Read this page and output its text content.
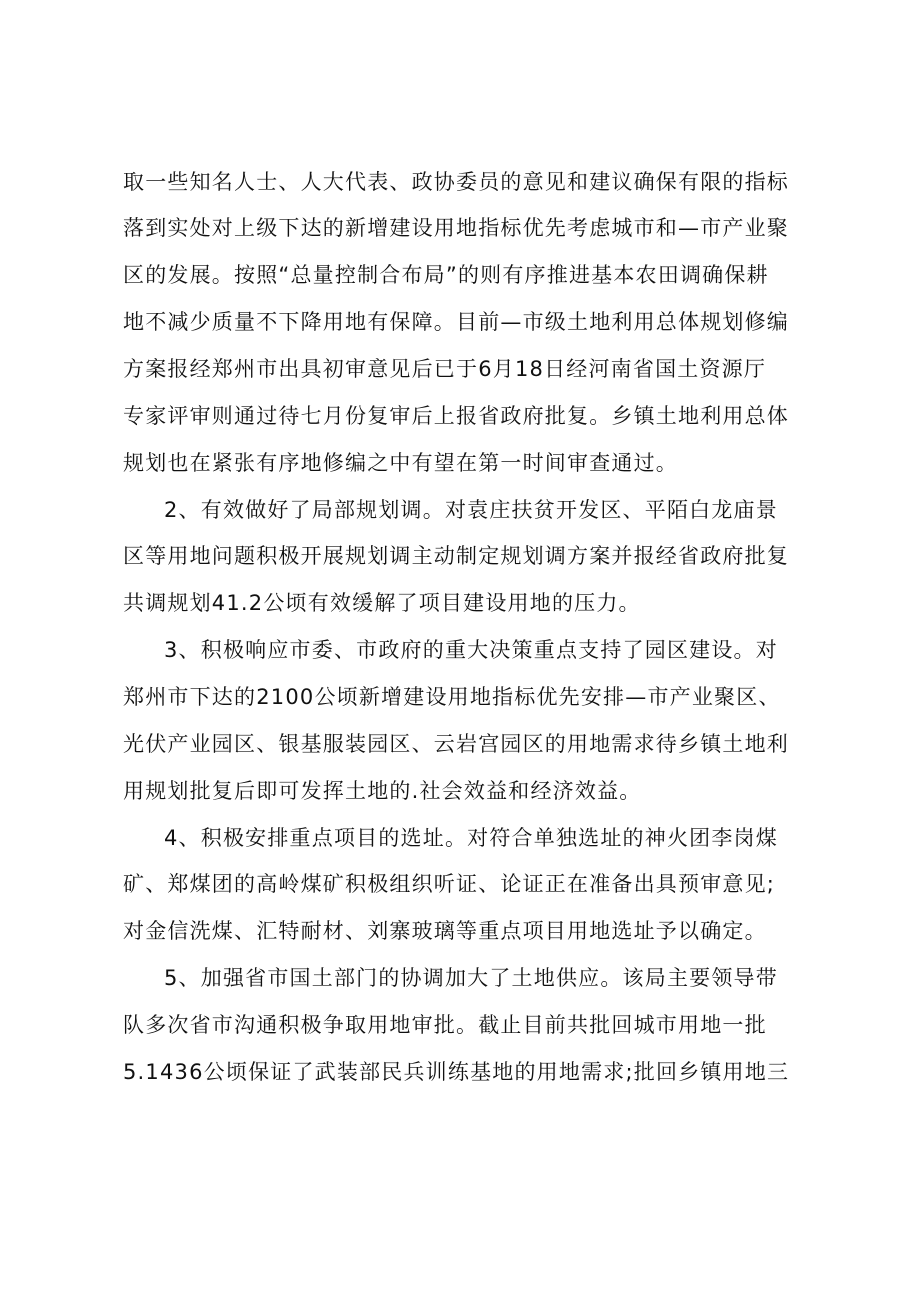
取一些知名人士、人大代表、政协委员的意见和建议确保有限的指标
落到实处对上级下达的新增建设用地指标优先考虑城市和—市产业聚
区的发展。按照“总量控制合布局”的则有序推进基本农田调确保耕
地不减少质量不下降用地有保障。目前—市级土地利用总体规划修编
方案报经郑州市出具初审意见后已于6月18日经河南省国土资源厅
专家评审则通过待七月份复审后上报省政府批复。乡镇土地利用总体
规划也在紧张有序地修编之中有望在第一时间审查通过。
2、有效做好了局部规划调。对袁庄扶贫开发区、平陌白龙庙景
区等用地问题积极开展规划调主动制定规划调方案并报经省政府批复
共调规划41.2公顷有效缓解了项目建设用地的压力。
3、积极响应市委、市政府的重大决策重点支持了园区建设。对
郑州市下达的2100公顷新增建设用地指标优先安排—市产业聚区、
光伏产业园区、银基服装园区、云岩宫园区的用地需求待乡镇土地利
用规划批复后即可发挥土地的.社会效益和经济效益。
4、积极安排重点项目的选址。对符合单独选址的神火团李岗煤
矿、郑煤团的高岭煤矿积极组织听证、论证正在准备出具预审意见;
对金信洗煤、汇特耐材、刘寨玻璃等重点项目用地选址予以确定。
5、加强省市国土部门的协调加大了土地供应。该局主要领导带
队多次省市沟通积极争取用地审批。截止目前共批回城市用地一批
5.1436公顷保证了武装部民兵训练基地的用地需求;批回乡镇用地三
